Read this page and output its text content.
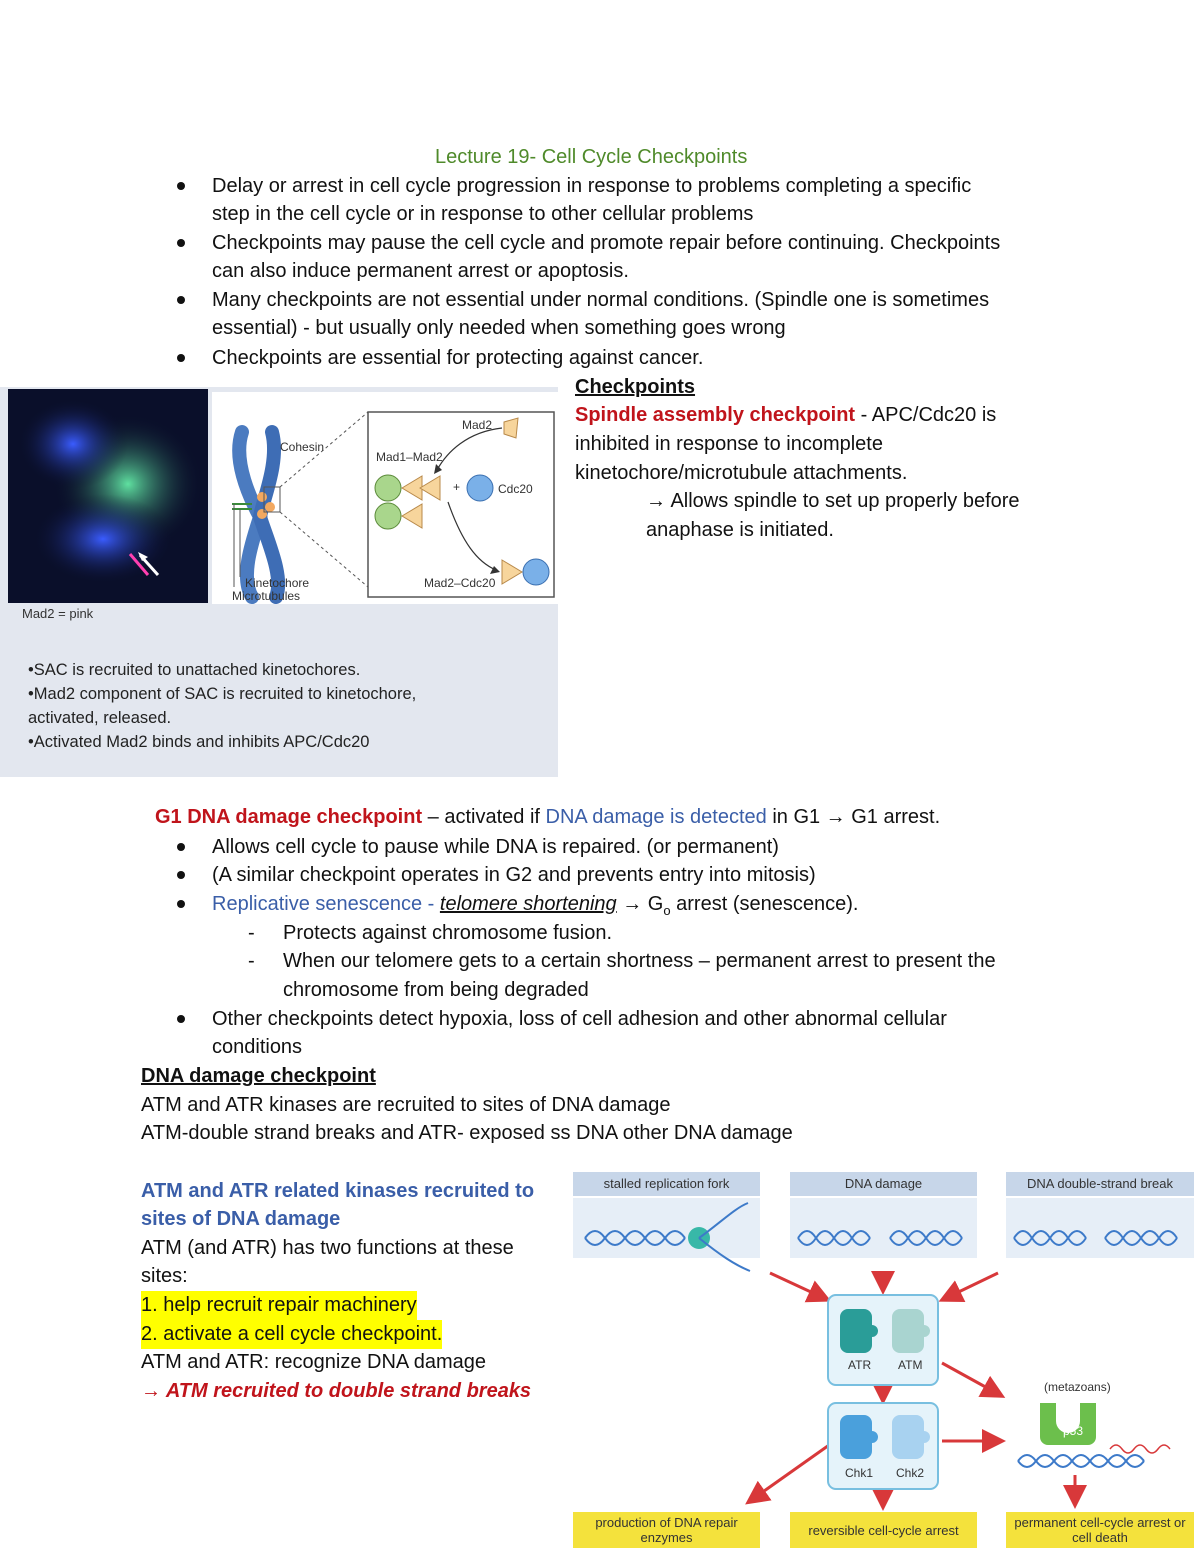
Lecture 19- Cell Cycle Checkpoints
Delay or arrest in cell cycle progression in response to problems completing a specific
step in the cell cycle or in response to other cellular problems
Checkpoints may pause the cell cycle and promote repair before continuing. Checkpoints
can also induce permanent arrest or apoptosis.
Many checkpoints are not essential under normal conditions. (Spindle one is sometimes
essential) - but usually only needed when something goes wrong
Checkpoints are essential for protecting against cancer.
Mad2 = pink
Cohesin
Kinetochore
Microtubules
Mad2
Mad1–Mad2
+	Cdc20
Mad2–Cdc20
•SAC is recruited to unattached kinetochores.
•Mad2 component of SAC is recruited to kinetochore,
activated, released.
•Activated Mad2 binds and inhibits APC/Cdc20
Checkpoints
Spindle assembly checkpoint - APC/Cdc20 is
inhibited in response to incomplete
kinetochore/microtubule attachments.
→ Allows spindle to set up properly before
anaphase is initiated.
G1 DNA damage checkpoint – activated if DNA damage is detected in G1 → G1 arrest.
Allows cell cycle to pause while DNA is repaired. (or permanent)
(A similar checkpoint operates in G2 and prevents entry into mitosis)
Replicative senescence - telomere shortening → $G_o$ arrest (senescence).
- Protects against chromosome fusion.
- When our telomere gets to a certain shortness – permanent arrest to present the
chromosome from being degraded
Other checkpoints detect hypoxia, loss of cell adhesion and other abnormal cellular
conditions
DNA damage checkpoint
ATM and ATR kinases are recruited to sites of DNA damage
ATM-double strand breaks and ATR- exposed ss DNA other DNA damage
ATM and ATR related kinases recruited to
sites of DNA damage
ATM (and ATR) has two functions at these
sites:
1. help recruit repair machinery
2. activate a cell cycle checkpoint.
ATM and ATR: recognize DNA damage
→ ATM recruited to double strand breaks
stalled replication fork	DNA damage	DNA double-strand break
ATR ATM
Chk1 Chk2
(metazoans)
p53
production of DNA repair enzymes	reversible cell-cycle arrest	permanent cell-cycle arrest or cell death
